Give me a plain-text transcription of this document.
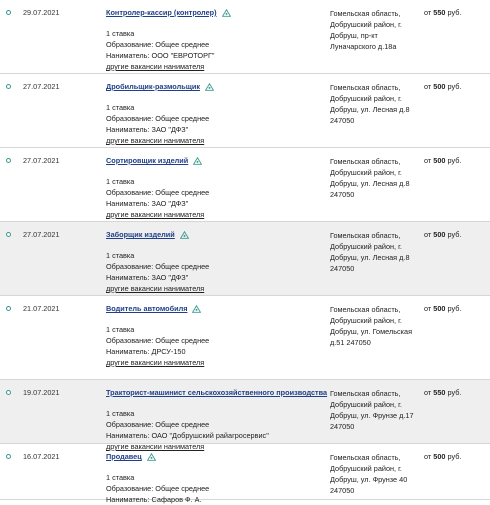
29.07.2021	Контролер-кассир (контролер)
1 ставка
Образование: Общее среднее
Наниматель: ООО "ЕВРОТОРГ"
другие вакансии нанимателя
Гомельская область,
Добрушский район, г.
Добруш, пр-кт
Луначарского д.18а
от 550 руб.
27.07.2021	Дробильщик-размольщик
1 ставка
Образование: Общее среднее
Наниматель: ЗАО "ДФЗ"
другие вакансии нанимателя
Гомельская область,
Добрушский район, г.
Добруш, ул. Лесная д.8
247050
от 500 руб.
27.07.2021	Сортировщик изделий
1 ставка
Образование: Общее среднее
Наниматель: ЗАО "ДФЗ"
другие вакансии нанимателя
Гомельская область,
Добрушский район, г.
Добруш, ул. Лесная д.8
247050
от 500 руб.
27.07.2021	Заборщик изделий
1 ставка
Образование: Общее среднее
Наниматель: ЗАО "ДФЗ"
другие вакансии нанимателя
Гомельская область,
Добрушский район, г.
Добруш, ул. Лесная д.8
247050
от 500 руб.
21.07.2021	Водитель автомобиля
1 ставка
Образование: Общее среднее
Наниматель: ДРСУ-150
другие вакансии нанимателя
Гомельская область,
Добрушский район, г.
Добруш, ул. Гомельская
д.51 247050
от 500 руб.
19.07.2021	Тракторист-машинист сельскохозяйственного производства
1 ставка
Образование: Общее среднее
Наниматель: ОАО "Добрушский райагросервис"
другие вакансии нанимателя
Гомельская область,
Добрушский район, г.
Добруш, ул. Фрунзе д.17
247050
от 550 руб.
16.07.2021	Продавец
1 ставка
Образование: Общее среднее
Наниматель: Сафаров Ф. А.
Гомельская область,
Добрушский район, г.
Добруш, ул. Фрунзе 40
247050
от 500 руб.
